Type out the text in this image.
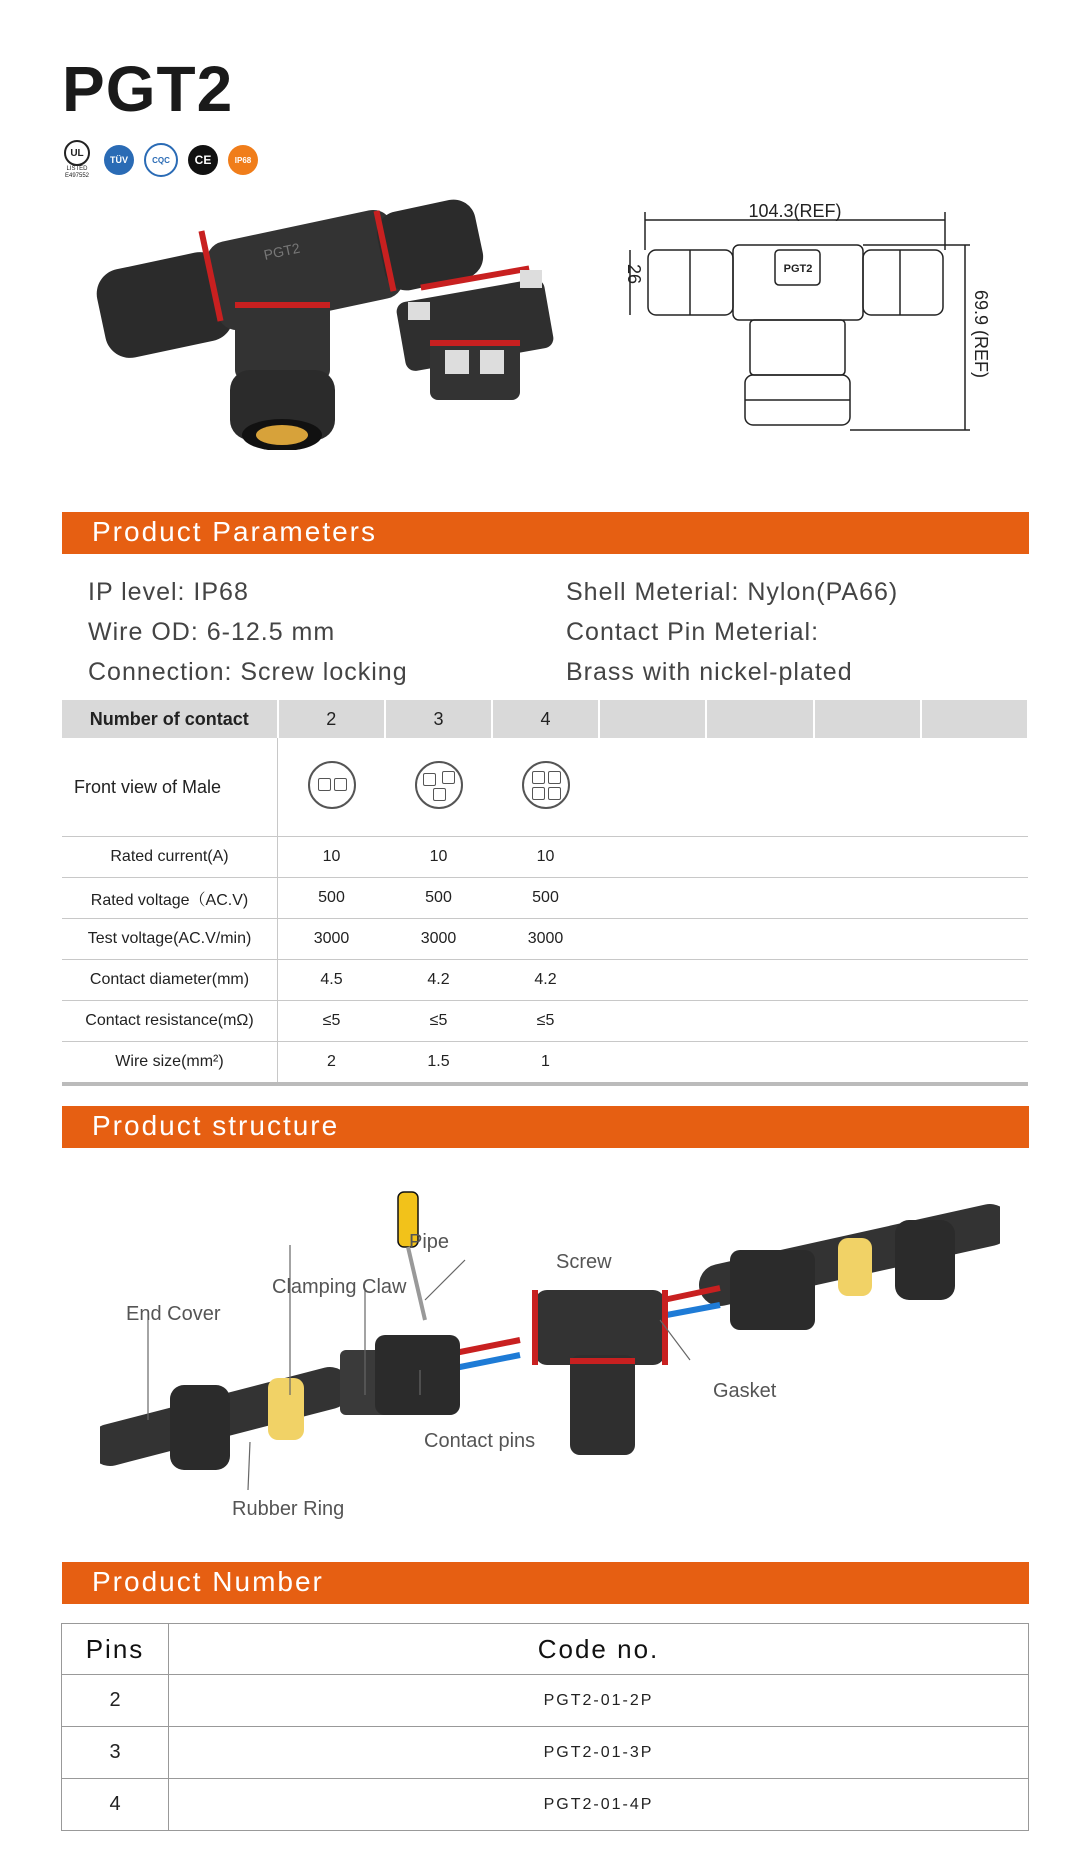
PGT2
UL
LISTED E497552
TÜV	CQC	CE	IP68
PGT2
104.3(REF)
26
69.9 (REF)
PGT2
Product Parameters
IP level: IP68
Wire OD: 6-12.5 mm
Connection: Screw locking
Shell Meterial: Nylon(PA66)
Contact Pin Meterial:
Brass with nickel-plated
Number of contact	2	3	4				
Front view of Male	

Rated current(A)	10	10	10				
Rated voltage（AC.V)	500	500	500				
Test voltage(AC.V/min)	3000	3000	3000				
Contact diameter(mm)	4.5	4.2	4.2				
Contact resistance(mΩ)	≤5	≤5	≤5				
Wire size(mm²)	2	1.5	1				
Product structure
Pipe
Screw
Clamping Claw
End Cover
Gasket
Contact pins
Rubber Ring
Product Number
Pins	Code no.
2	PGT2-01-2P
3	PGT2-01-3P
4	PGT2-01-4P
